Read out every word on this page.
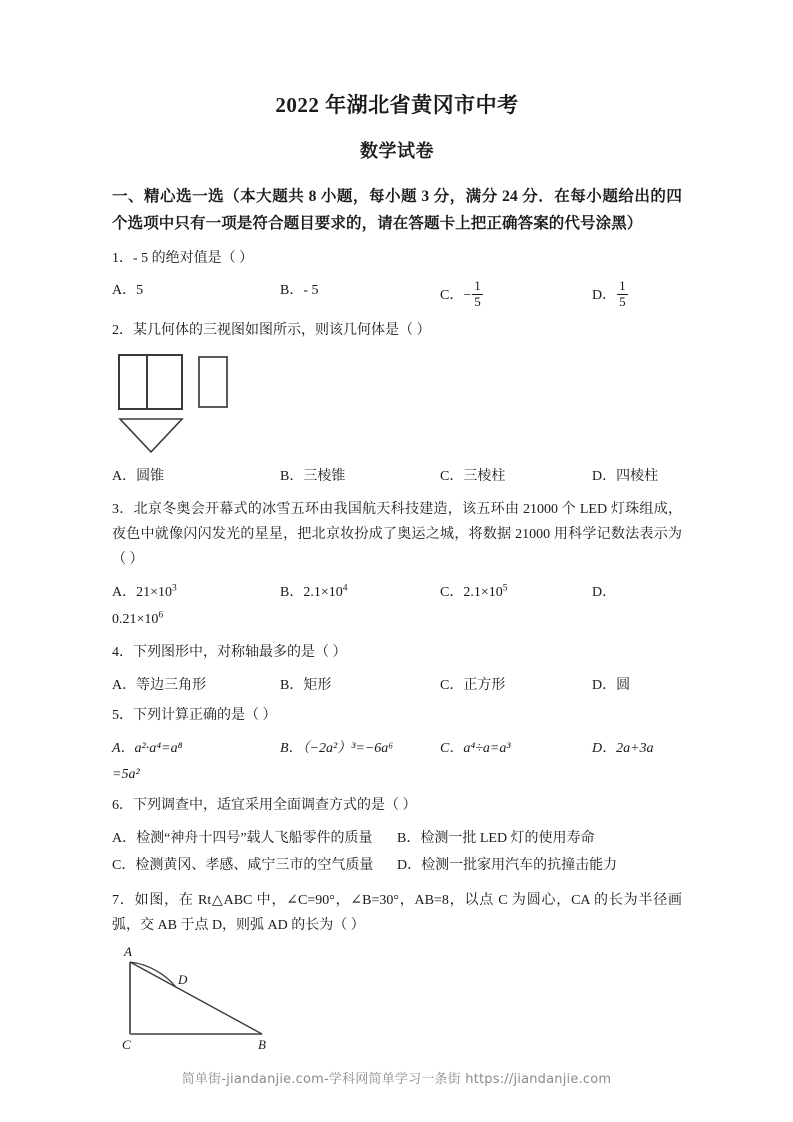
2022 年湖北省黄冈市中考
数学试卷
一、精心选一选（本大题共 8 小题，每小题 3 分，满分 24 分．在每小题给出的四个选项中只有一项是符合题目要求的，请在答题卡上把正确答案的代号涂黑）
1．- 5 的绝对值是（ ）
A．5	B．- 5	C．− $\frac{1}{5}$	D． $\frac{1}{5}$
2．某几何体的三视图如图所示，则该几何体是（ ）
A．圆锥	B．三棱锥	C．三棱柱	D．四棱柱
3．北京冬奥会开幕式的冰雪五环由我国航天科技建造，该五环由 21000 个 LED 灯珠组成，夜色中就像闪闪发光的星星，把北京妆扮成了奥运之城，将数据 21000 用科学记数法表示为（ ）
A．$21\times 10^3$	B．$2.1\times 10^4$	C．$2.1\times 10^5$	D．
$0.21\times 10^6$
4．下列图形中，对称轴最多的是（ ）
A．等边三角形	B．矩形	C．正方形	D．圆
5．下列计算正确的是（ ）
A．a²·a⁴=a⁸	B．（−2a²）³=−6a⁶	C．a⁴÷a=a³	D．2a+3a
=5a²
6．下列调查中，适宜采用全面调查方式的是（ ）
A．检测“神舟十四号”载人飞船零件的质量	B．检测一批 LED 灯的使用寿命
C．检测黄冈、孝感、咸宁三市的空气质量	D．检测一批家用汽车的抗撞击能力
7．如图，在 Rt△ABC 中，∠C=90°，∠B=30°，AB=8，以点 C 为圆心，CA 的长为半径画弧，交 AB 于点 D，则弧 AD 的长为（ ）
A
C	B
D
简单街-jiandanjie.com-学科网简单学习一条街 https://jiandanjie.com
